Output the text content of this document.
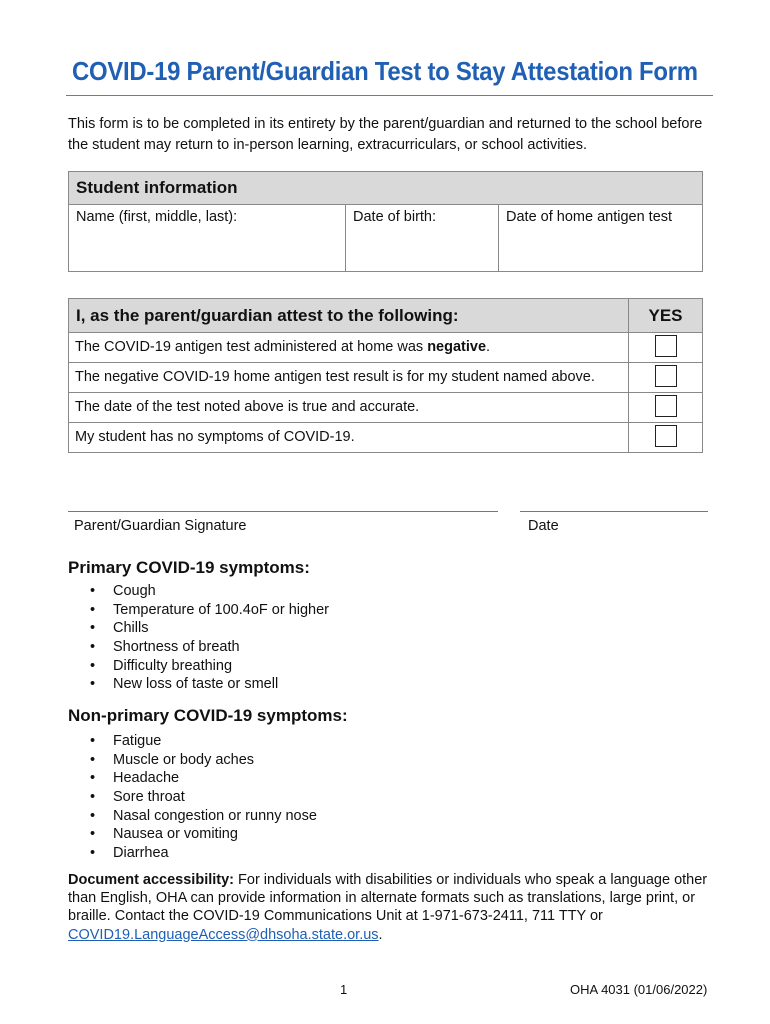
COVID-19 Parent/Guardian Test to Stay Attestation Form
This form is to be completed in its entirety by the parent/guardian and returned to the school before the student may return to in-person learning, extracurriculars, or school activities.
Student information
Name (first, middle, last):	Date of birth:	Date of home antigen test
I, as the parent/guardian attest to the following:	YES
The COVID-19 antigen test administered at home was negative.	
The negative COVID-19 home antigen test result is for my student named above.	
The date of the test noted above is true and accurate.	
My student has no symptoms of COVID-19.	
Parent/Guardian Signature	Date
Primary COVID-19 symptoms:
• Cough
• Temperature of 100.4oF or higher
• Chills
• Shortness of breath
• Difficulty breathing
• New loss of taste or smell
Non-primary COVID-19 symptoms:
• Fatigue
• Muscle or body aches
• Headache
• Sore throat
• Nasal congestion or runny nose
• Nausea or vomiting
• Diarrhea
Document accessibility: For individuals with disabilities or individuals who speak a language other than English, OHA can provide information in alternate formats such as translations, large print, or braille. Contact the COVID-19 Communications Unit at 1-971-673-2411, 711 TTY or COVID19.LanguageAccess@dhsoha.state.or.us.
1	OHA 4031 (01/06/2022)
